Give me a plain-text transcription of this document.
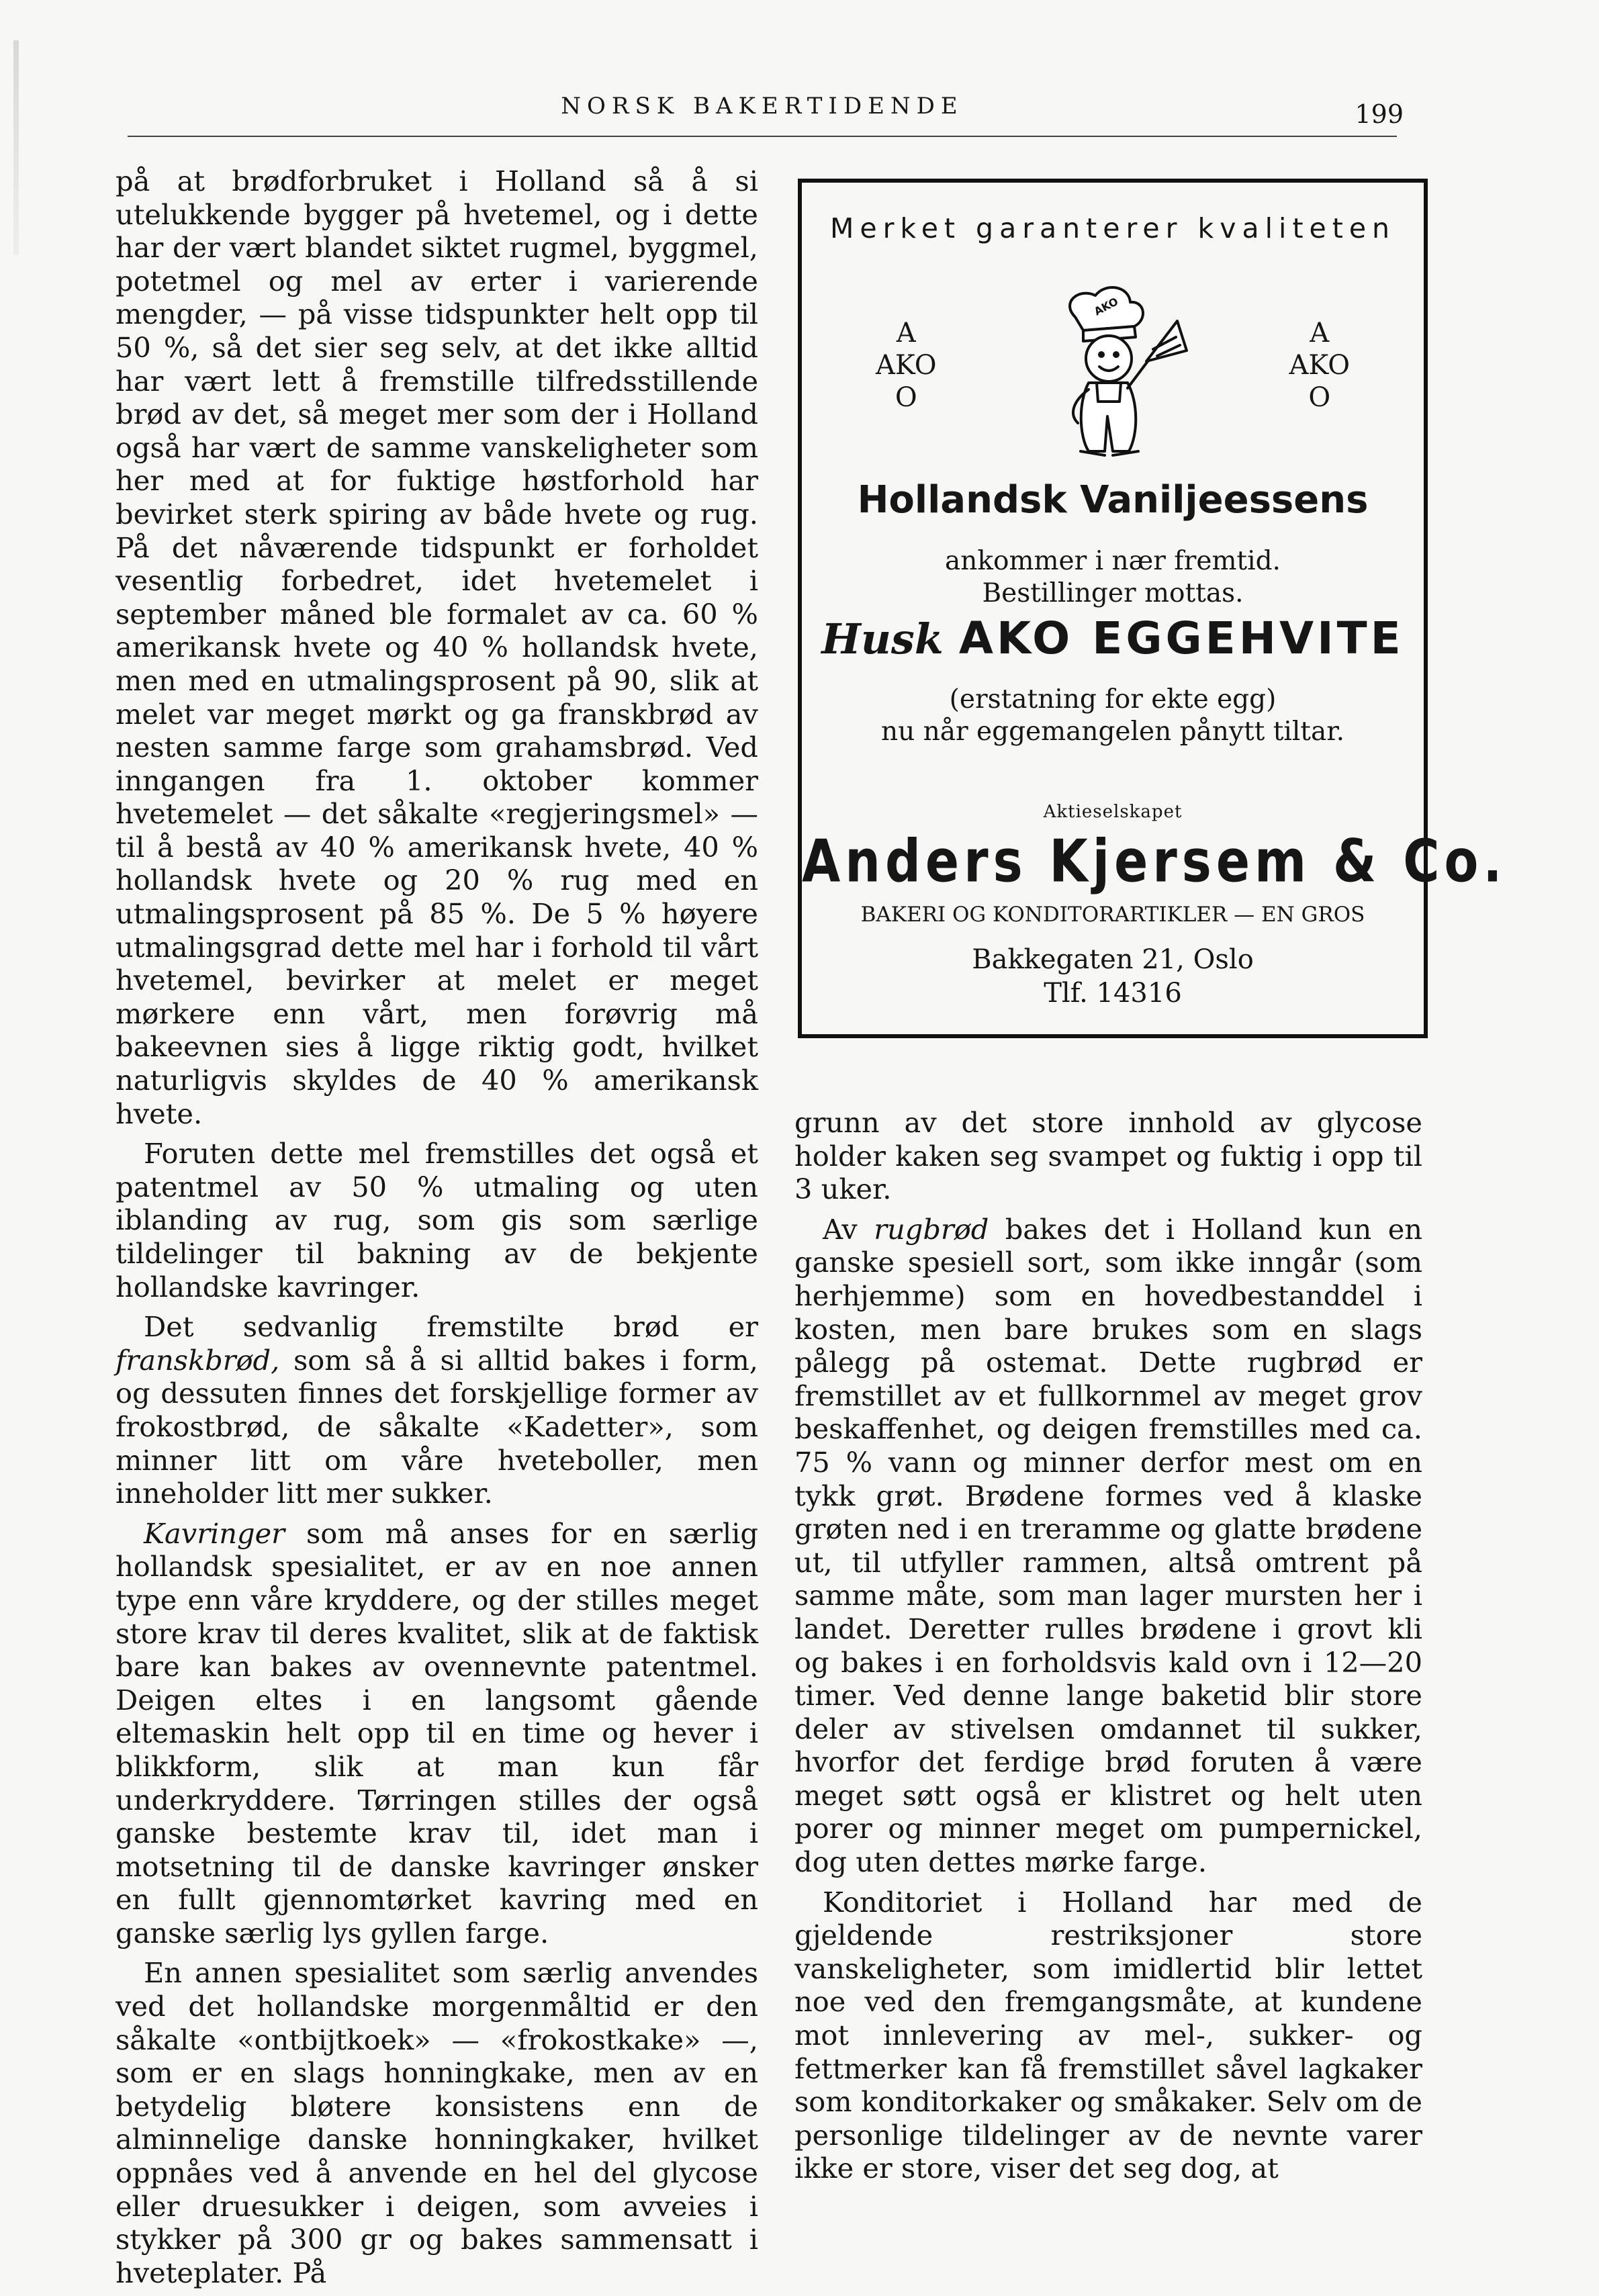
NORSK BAKERTIDENDE	199

på at brødforbruket i Holland så å si utelukkende bygger på hvetemel, og i dette har der vært blandet siktet rugmel, byggmel, potetmel og mel av erter i varierende mengder, — på visse tidspunkter helt opp til 50 %, så det sier seg selv, at det ikke alltid har vært lett å fremstille tilfredsstillende brød av det, så meget mer som der i Holland også har vært de samme vanskeligheter som her med at for fuktige høstforhold har bevirket sterk spiring av både hvete og rug. På det nåværende tidspunkt er forholdet vesentlig forbedret, idet hvetemelet i september måned ble formalet av ca. 60 % amerikansk hvete og 40 % hollandsk hvete, men med en utmalingsprosent på 90, slik at melet var meget mørkt og ga franskbrød av nesten samme farge som grahamsbrød. Ved inngangen fra 1. oktober kommer hvetemelet — det såkalte «regjeringsmel» — til å bestå av 40 % amerikansk hvete, 40 % hollandsk hvete og 20 % rug med en utmalingsprosent på 85 %. De 5 % høyere utmalingsgrad dette mel har i forhold til vårt hvetemel, bevirker at melet er meget mørkere enn vårt, men forøvrig må bakeevnen sies å ligge riktig godt, hvilket naturligvis skyldes de 40 % amerikansk hvete.

Foruten dette mel fremstilles det også et patentmel av 50 % utmaling og uten iblanding av rug, som gis som særlige tildelinger til bakning av de bekjente hollandske kavringer.

Det sedvanlig fremstilte brød er franskbrød, som så å si alltid bakes i form, og dessuten finnes det forskjellige former av frokostbrød, de såkalte «Kadetter», som minner litt om våre hveteboller, men inneholder litt mer sukker.

Kavringer som må anses for en særlig hollandsk spesialitet, er av en noe annen type enn våre kryddere, og der stilles meget store krav til deres kvalitet, slik at de faktisk bare kan bakes av ovennevnte patentmel. Deigen eltes i en langsomt gående eltemaskin helt opp til en time og hever i blikkform, slik at man kun får underkryddere. Tørringen stilles der også ganske bestemte krav til, idet man i motsetning til de danske kavringer ønsker en fullt gjennomtørket kavring med en ganske særlig lys gyllen farge.

En annen spesialitet som særlig anvendes ved det hollandske morgenmåltid er den såkalte «ontbijtkoek» — «frokostkake» —, som er en slags honningkake, men av en betydelig bløtere konsistens enn de alminnelige danske honningkaker, hvilket oppnåes ved å anvende en hel del glycose eller druesukker i deigen, som avveies i stykker på 300 gr og bakes sammensatt i hveteplater. På

Merket garanterer kvaliteten
A
AKO
O
AKO
A
AKO
O
Hollandsk Vaniljeessens
ankommer i nær fremtid.
Bestillinger mottas.
Husk AKO EGGEHVITE
(erstatning for ekte egg)
nu når eggemangelen pånytt tiltar.
Aktieselskapet
Anders Kjersem & Co.
BAKERI OG KONDITORARTIKLER — EN GROS
Bakkegaten 21, Oslo
Tlf. 14316

grunn av det store innhold av glycose holder kaken seg svampet og fuktig i opp til 3 uker.

Av rugbrød bakes det i Holland kun en ganske spesiell sort, som ikke inngår (som herhjemme) som en hovedbestanddel i kosten, men bare brukes som en slags pålegg på ostemat. Dette rugbrød er fremstillet av et fullkornmel av meget grov beskaffenhet, og deigen fremstilles med ca. 75 % vann og minner derfor mest om en tykk grøt. Brødene formes ved å klaske grøten ned i en treramme og glatte brødene ut, til utfyller rammen, altså omtrent på samme måte, som man lager mursten her i landet. Deretter rulles brødene i grovt kli og bakes i en forholdsvis kald ovn i 12—20 timer. Ved denne lange baketid blir store deler av stivelsen omdannet til sukker, hvorfor det ferdige brød foruten å være meget søtt også er klistret og helt uten porer og minner meget om pumpernickel, dog uten dettes mørke farge.

Konditoriet i Holland har med de gjeldende restriksjoner store vanskeligheter, som imidlertid blir lettet noe ved den fremgangsmåte, at kundene mot innlevering av mel-, sukker- og fettmerker kan få fremstillet såvel lagkaker som konditorkaker og småkaker. Selv om de personlige tildelinger av de nevnte varer ikke er store, viser det seg dog, at
